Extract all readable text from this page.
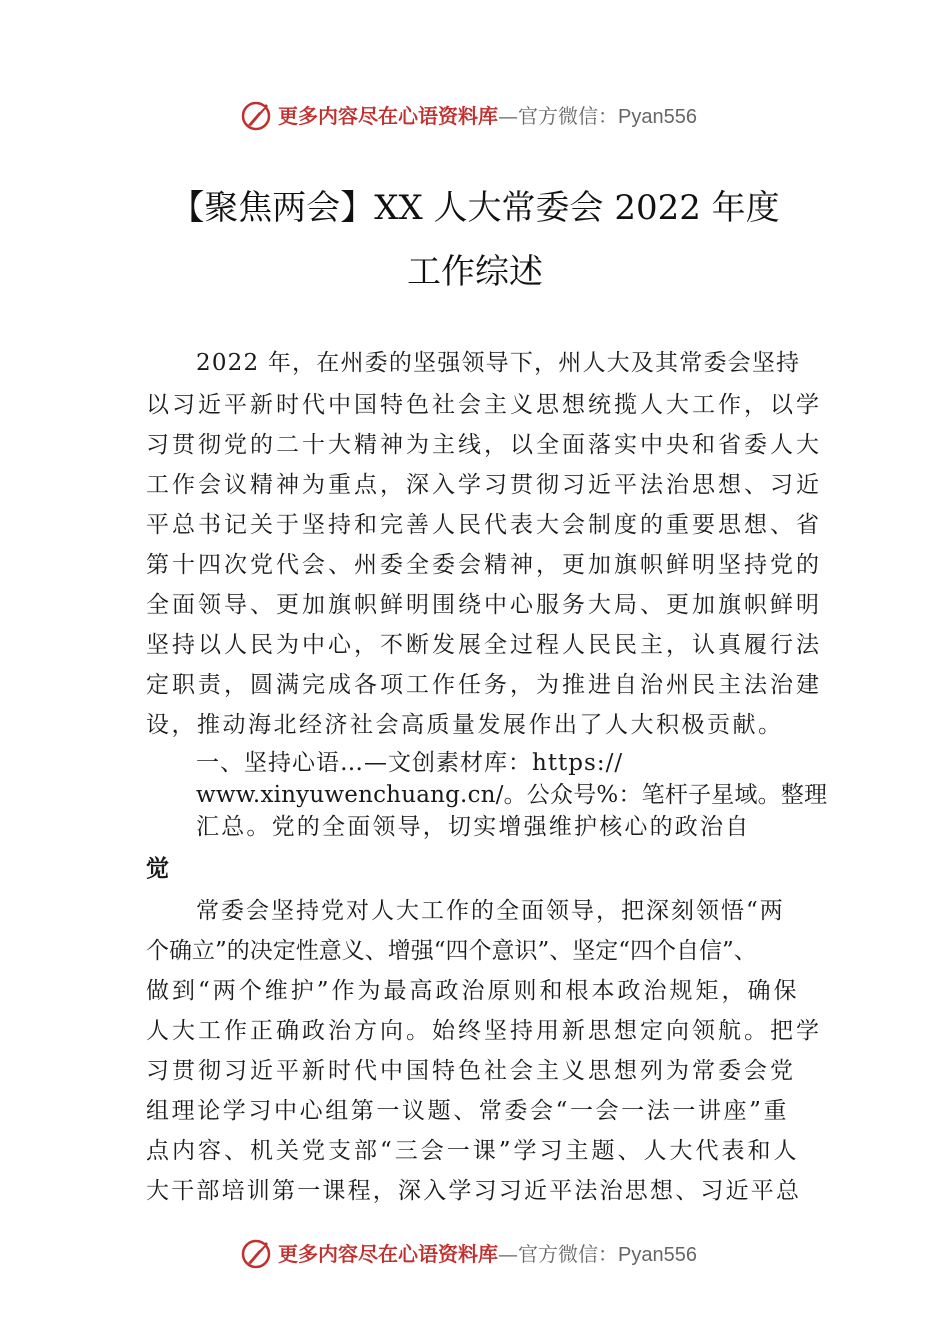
更多内容尽在心语资料库—官方微信：Pyan556
【聚焦两会】XX 人大常委会 2022 年度
工作综述
2022 年，在州委的坚强领导下，州人大及其常委会坚持
以习近平新时代中国特色社会主义思想统揽人大工作，以学
习贯彻党的二十大精神为主线，以全面落实中央和省委人大
工作会议精神为重点，深入学习贯彻习近平法治思想、习近
平总书记关于坚持和完善人民代表大会制度的重要思想、省
第十四次党代会、州委全委会精神，更加旗帜鲜明坚持党的
全面领导、更加旗帜鲜明围绕中心服务大局、更加旗帜鲜明
坚持以人民为中心，不断发展全过程人民民主，认真履行法
定职责，圆满完成各项工作任务，为推进自治州民主法治建
设，推动海北经济社会高质量发展作出了人大积极贡献。
一、坚持心语…—文创素材库：https://
www.xinyuwenchuang.cn/。公众号%：笔杆子星域。整理
汇总。党的全面领导，切实增强维护核心的政治自
觉
常委会坚持党对人大工作的全面领导，把深刻领悟“两
个确立”的决定性意义、增强“四个意识”、坚定“四个自信”、
做到“两个维护”作为最高政治原则和根本政治规矩，确保
人大工作正确政治方向。始终坚持用新思想定向领航。把学
习贯彻习近平新时代中国特色社会主义思想列为常委会党
组理论学习中心组第一议题、常委会“一会一法一讲座”重
点内容、机关党支部“三会一课”学习主题、人大代表和人
大干部培训第一课程，深入学习习近平法治思想、习近平总
更多内容尽在心语资料库—官方微信：Pyan556
